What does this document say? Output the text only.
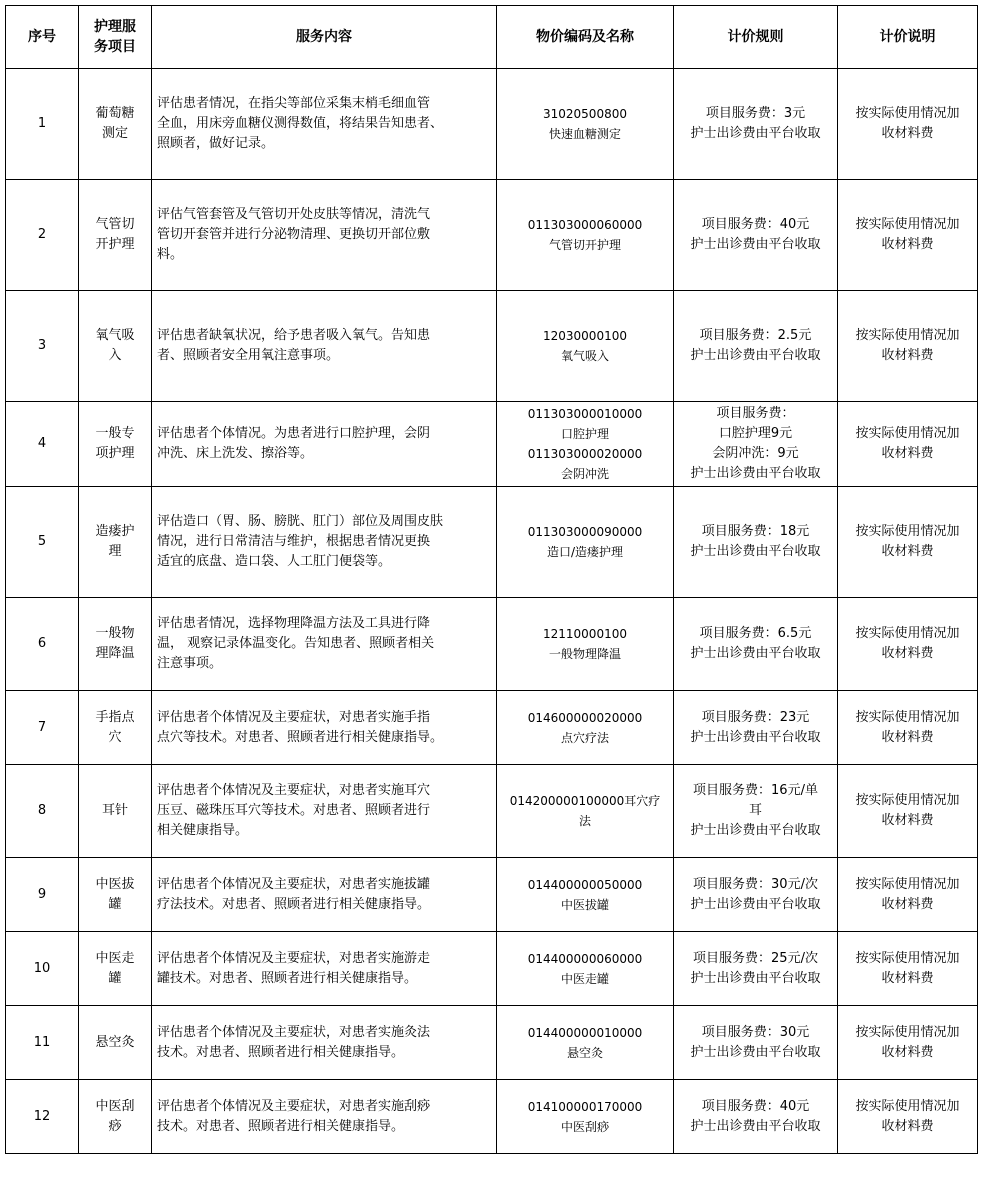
序号	护理服
务项目	服务内容	物价编码及名称	计价规则	计价说明
1	葡萄糖
测定	评估患者情况，在指尖等部位采集末梢毛细血管
全血，用床旁血糖仪测得数值，将结果告知患者、
照顾者，做好记录。	31020500800
快速血糖测定	项目服务费：3元
护士出诊费由平台收取	按实际使用情况加
收材料费

2	气管切
开护理	评估气管套管及气管切开处皮肤等情况，清洗气
管切开套管并进行分泌物清理、更换切开部位敷
料。	011303000060000
气管切开护理	项目服务费：40元
护士出诊费由平台收取	按实际使用情况加
收材料费

3	氧气吸
入	评估患者缺氧状况，给予患者吸入氧气。告知患
者、照顾者安全用氧注意事项。	12030000100
氧气吸入	项目服务费：2.5元
护士出诊费由平台收取	按实际使用情况加
收材料费

4	一般专
项护理	评估患者个体情况。为患者进行口腔护理，会阴
冲洗、床上洗发、擦浴等。	011303000010000
口腔护理
011303000020000
会阴冲洗	项目服务费：
口腔护理9元
会阴冲洗：9元
护士出诊费由平台收取	按实际使用情况加
收材料费

5	造瘘护
理	评估造口（胃、肠、膀胱、肛门）部位及周围皮肤
情况，进行日常清洁与维护，根据患者情况更换
适宜的底盘、造口袋、人工肛门便袋等。	011303000090000
造口/造瘘护理	项目服务费：18元
护士出诊费由平台收取	按实际使用情况加
收材料费

6	一般物
理降温	评估患者情况，选择物理降温方法及工具进行降
温， 观察记录体温变化。告知患者、照顾者相关
注意事项。	12110000100
一般物理降温	项目服务费：6.5元
护士出诊费由平台收取	按实际使用情况加
收材料费

7	手指点
穴	评估患者个体情况及主要症状，对患者实施手指
点穴等技术。对患者、照顾者进行相关健康指导。	014600000020000
点穴疗法	项目服务费：23元
护士出诊费由平台收取	按实际使用情况加
收材料费

8	耳针	评估患者个体情况及主要症状，对患者实施耳穴
压豆、磁珠压耳穴等技术。对患者、照顾者进行
相关健康指导。	014200000100000耳穴疗
法	项目服务费：16元/单
耳
护士出诊费由平台收取	按实际使用情况加
收材料费

9	中医拔
罐	评估患者个体情况及主要症状，对患者实施拔罐
疗法技术。对患者、照顾者进行相关健康指导。	014400000050000
中医拔罐	项目服务费：30元/次
护士出诊费由平台收取	按实际使用情况加
收材料费

10	中医走
罐	评估患者个体情况及主要症状，对患者实施游走
罐技术。对患者、照顾者进行相关健康指导。	014400000060000
中医走罐	项目服务费：25元/次
护士出诊费由平台收取	按实际使用情况加
收材料费

11	悬空灸	评估患者个体情况及主要症状，对患者实施灸法
技术。对患者、照顾者进行相关健康指导。	014400000010000
悬空灸	项目服务费：30元
护士出诊费由平台收取	按实际使用情况加
收材料费

12	中医刮
痧	评估患者个体情况及主要症状，对患者实施刮痧
技术。对患者、照顾者进行相关健康指导。	014100000170000
中医刮痧	项目服务费：40元
护士出诊费由平台收取	按实际使用情况加
收材料费
